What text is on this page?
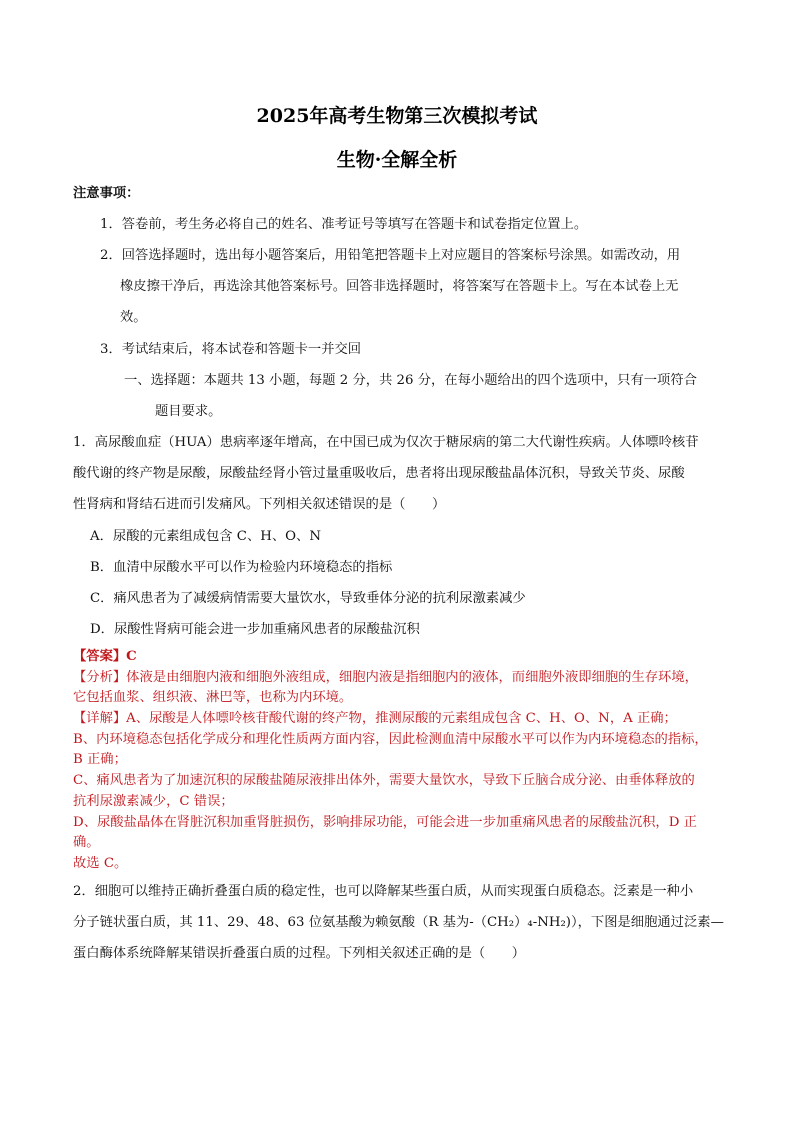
2025年高考生物第三次模拟考试
生物·全解全析
注意事项：
1．答卷前，考生务必将自己的姓名、准考证号等填写在答题卡和试卷指定位置上。
2．回答选择题时，选出每小题答案后，用铅笔把答题卡上对应题目的答案标号涂黑。如需改动，用
橡皮擦干净后，再选涂其他答案标号。回答非选择题时，将答案写在答题卡上。写在本试卷上无
效。
3．考试结束后，将本试卷和答题卡一并交回
一、选择题：本题共 13 小题，每题 2 分，共 26 分，在每小题给出的四个选项中，只有一项符合
题目要求。
1．高尿酸血症（HUA）患病率逐年增高，在中国已成为仅次于糖尿病的第二大代谢性疾病。人体嘌呤核苷
酸代谢的终产物是尿酸，尿酸盐经肾小管过量重吸收后，患者将出现尿酸盐晶体沉积，导致关节炎、尿酸
性肾病和肾结石进而引发痛风。下列相关叙述错误的是（　　）
A．尿酸的元素组成包含 C、H、O、N
B．血清中尿酸水平可以作为检验内环境稳态的指标
C．痛风患者为了减缓病情需要大量饮水，导致垂体分泌的抗利尿激素减少
D．尿酸性肾病可能会进一步加重痛风患者的尿酸盐沉积
【答案】C
【分析】体液是由细胞内液和细胞外液组成，细胞内液是指细胞内的液体，而细胞外液即细胞的生存环境，
它包括血浆、组织液、淋巴等，也称为内环境。
【详解】A、尿酸是人体嘌呤核苷酸代谢的终产物，推测尿酸的元素组成包含 C、H、O、N，A 正确；
B、内环境稳态包括化学成分和理化性质两方面内容，因此检测血清中尿酸水平可以作为内环境稳态的指标，
B 正确；
C、痛风患者为了加速沉积的尿酸盐随尿液排出体外，需要大量饮水，导致下丘脑合成分泌、由垂体释放的
抗利尿激素减少，C 错误；
D、尿酸盐晶体在肾脏沉积加重肾脏损伤，影响排尿功能，可能会进一步加重痛风患者的尿酸盐沉积，D 正
确。
故选 C。
2．细胞可以维持正确折叠蛋白质的稳定性，也可以降解某些蛋白质，从而实现蛋白质稳态。泛素是一种小
分子链状蛋白质，其 11、29、48、63 位氨基酸为赖氨酸（R 基为-（CH₂）₄-NH₂)），下图是细胞通过泛素—
蛋白酶体系统降解某错误折叠蛋白质的过程。下列相关叙述正确的是（　　）
